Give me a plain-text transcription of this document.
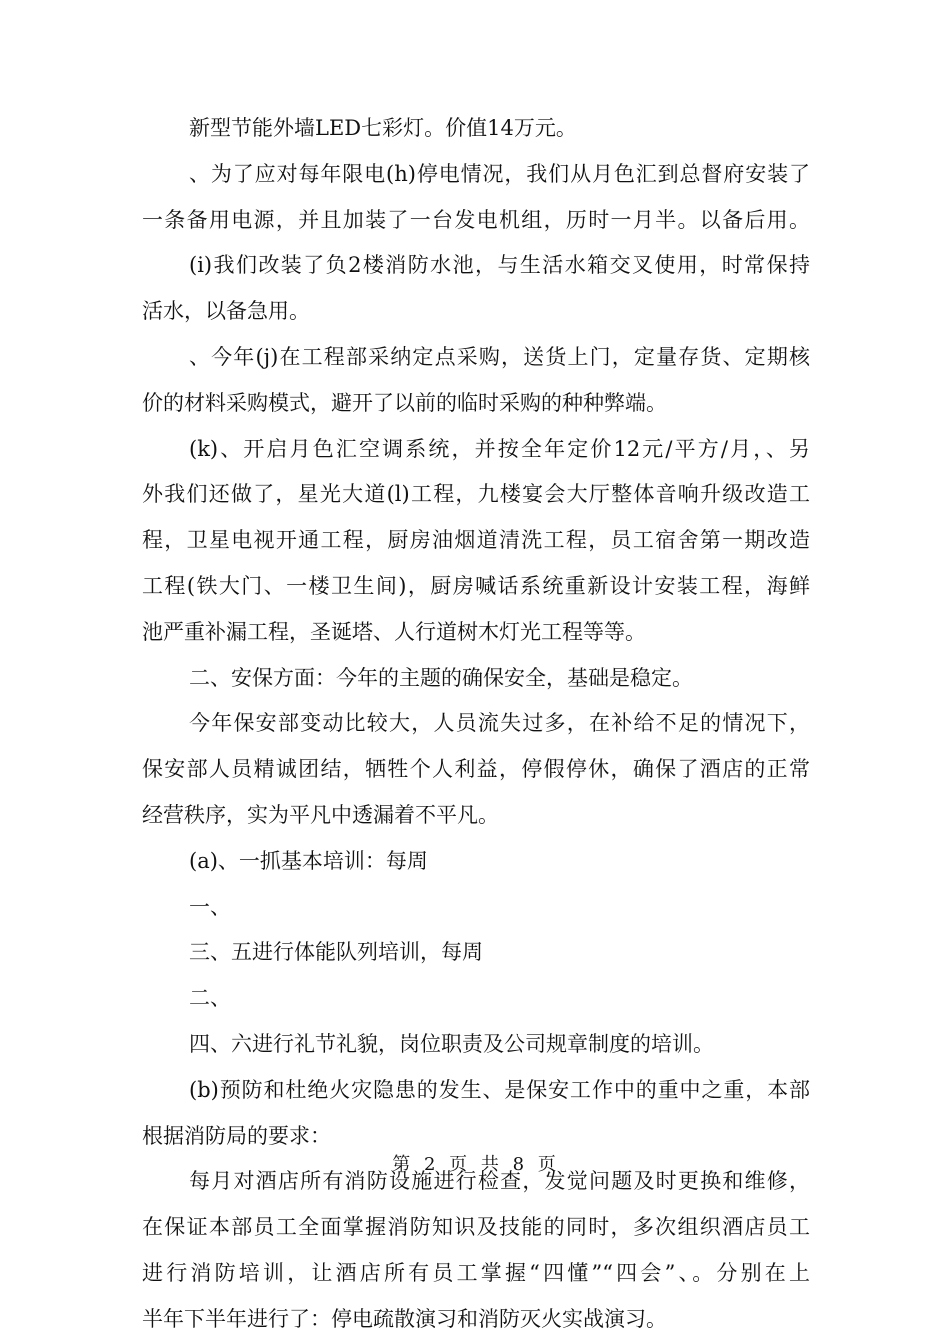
新型节能外墙LED七彩灯。价值14万元。
、为了应对每年限电(h)停电情况，我们从月色汇到总督府安装了
一条备用电源，并且加装了一台发电机组，历时一月半。以备后用。
(i)我们改装了负2楼消防水池，与生活水箱交叉使用，时常保持
活水，以备急用。
、今年(j)在工程部采纳定点采购，送货上门，定量存货、定期核
价的材料采购模式，避开了以前的临时采购的种种弊端。
(k)、开启月色汇空调系统，并按全年定价12元/平方/月，、另
外我们还做了，星光大道(l)工程，九楼宴会大厅整体音响升级改造工
程，卫星电视开通工程，厨房油烟道清洗工程，员工宿舍第一期改造
工程(铁大门、一楼卫生间)，厨房喊话系统重新设计安装工程，海鲜
池严重补漏工程，圣诞塔、人行道树木灯光工程等等。
二、安保方面：今年的主题的确保安全，基础是稳定。
今年保安部变动比较大，人员流失过多，在补给不足的情况下，
保安部人员精诚团结，牺牲个人利益，停假停休，确保了酒店的正常
经营秩序，实为平凡中透漏着不平凡。
(a)、一抓基本培训：每周
一、
三、五进行体能队列培训，每周
二、
四、六进行礼节礼貌，岗位职责及公司规章制度的培训。
(b)预防和杜绝火灾隐患的发生、是保安工作中的重中之重，本部
根据消防局的要求：
每月对酒店所有消防设施进行检查，发觉问题及时更换和维修，
在保证本部员工全面掌握消防知识及技能的同时，多次组织酒店员工
进行消防培训，让酒店所有员工掌握“四懂”“四会”、。分别在上
半年下半年进行了：停电疏散演习和消防灭火实战演习。
第 2 页 共 8 页
